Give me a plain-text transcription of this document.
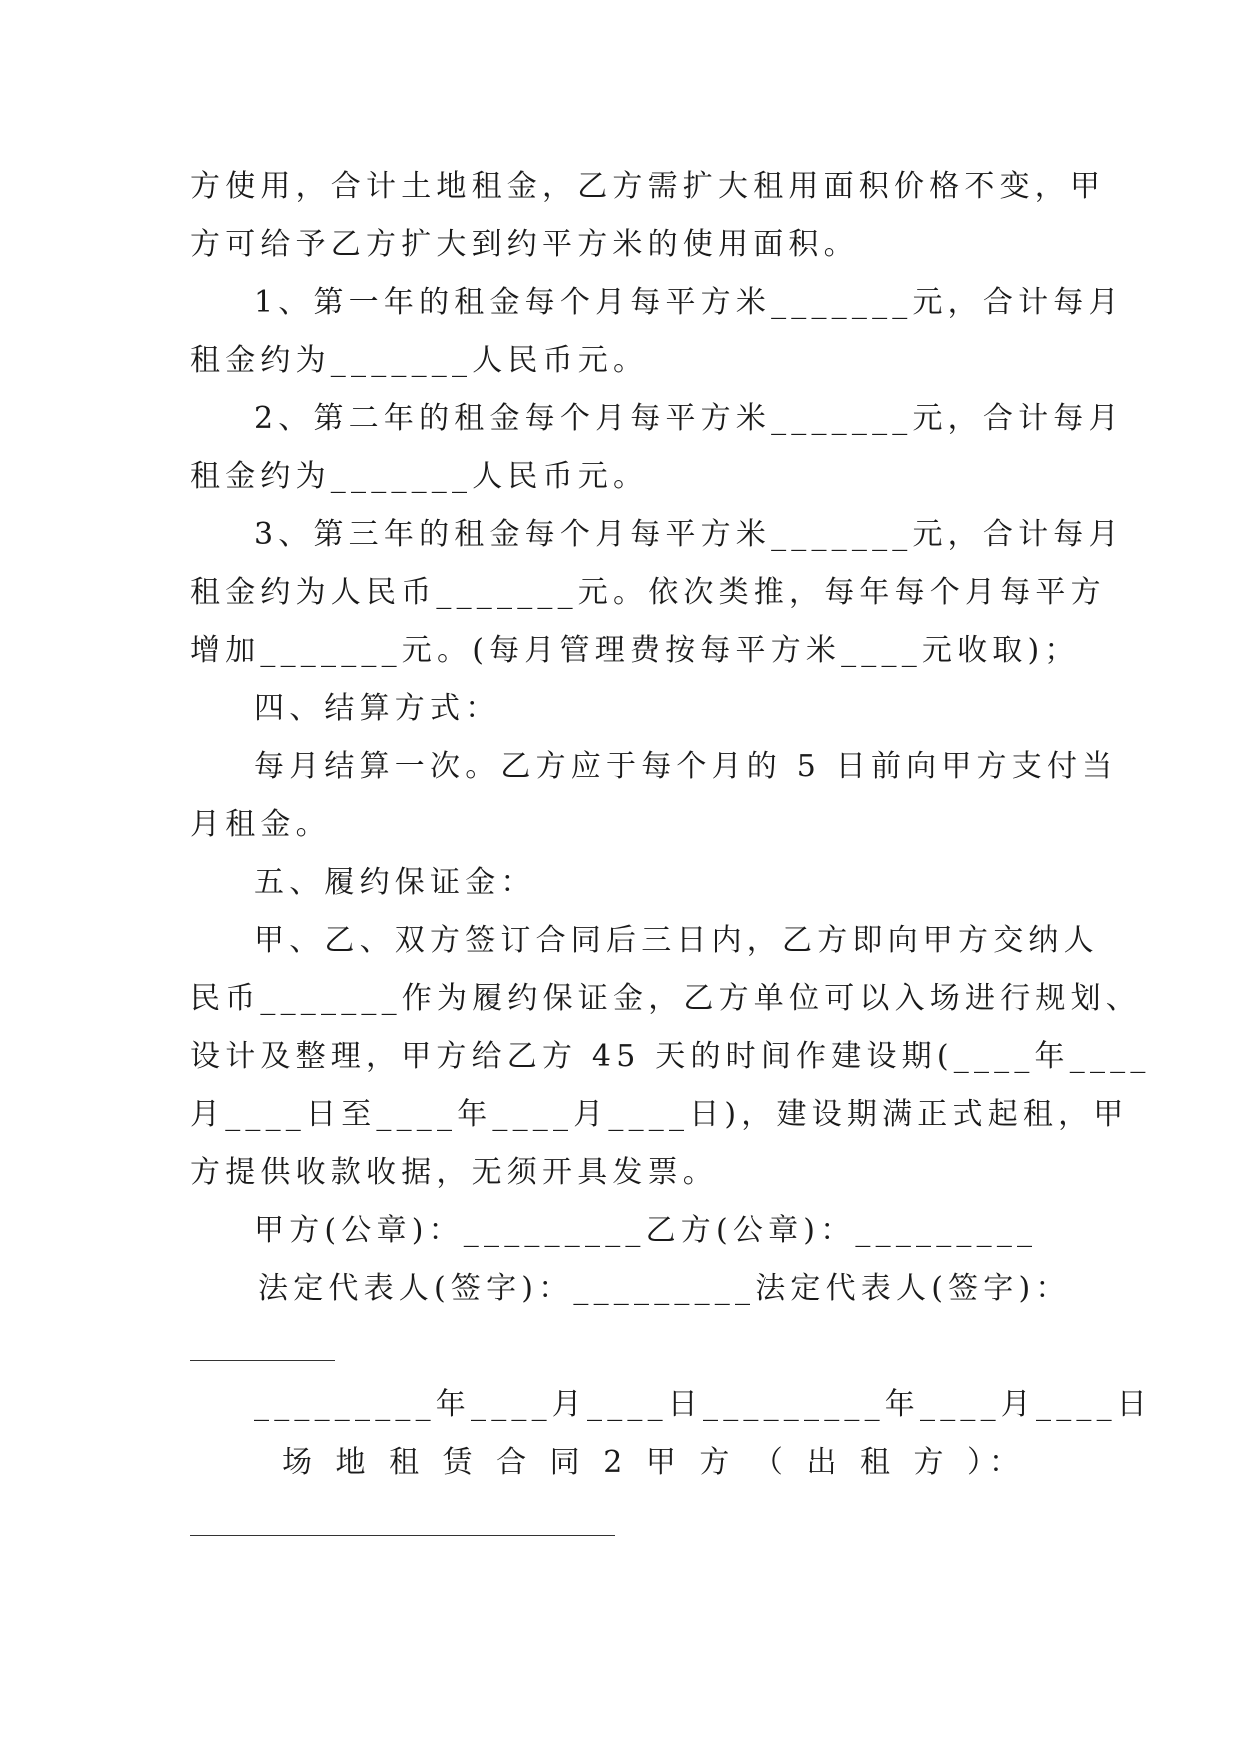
方使用，合计土地租金，乙方需扩大租用面积价格不变，甲
方可给予乙方扩大到约平方米的使用面积。
1、第一年的租金每个月每平方米_______元，合计每月
租金约为_______人民币元。
2、第二年的租金每个月每平方米_______元，合计每月
租金约为_______人民币元。
3、第三年的租金每个月每平方米_______元，合计每月
租金约为人民币_______元。依次类推，每年每个月每平方
增加_______元。(每月管理费按每平方米____元收取)；
四、结算方式：
每月结算一次。乙方应于每个月的 5 日前向甲方支付当
月租金。
五、履约保证金：
甲、乙、双方签订合同后三日内，乙方即向甲方交纳人
民币_______作为履约保证金，乙方单位可以入场进行规划、
设计及整理，甲方给乙方 45 天的时间作建设期(____年____
月____日至____年____月____日)，建设期满正式起租，甲
方提供收款收据，无须开具发票。
甲方(公章)：_________乙方(公章)：_________
法定代表人(签字)：_________法定代表人(签字)：
_________年____月____日_________年____月____日
场 地 租 赁 合 同 2 甲 方 （ 出 租 方 ）：
